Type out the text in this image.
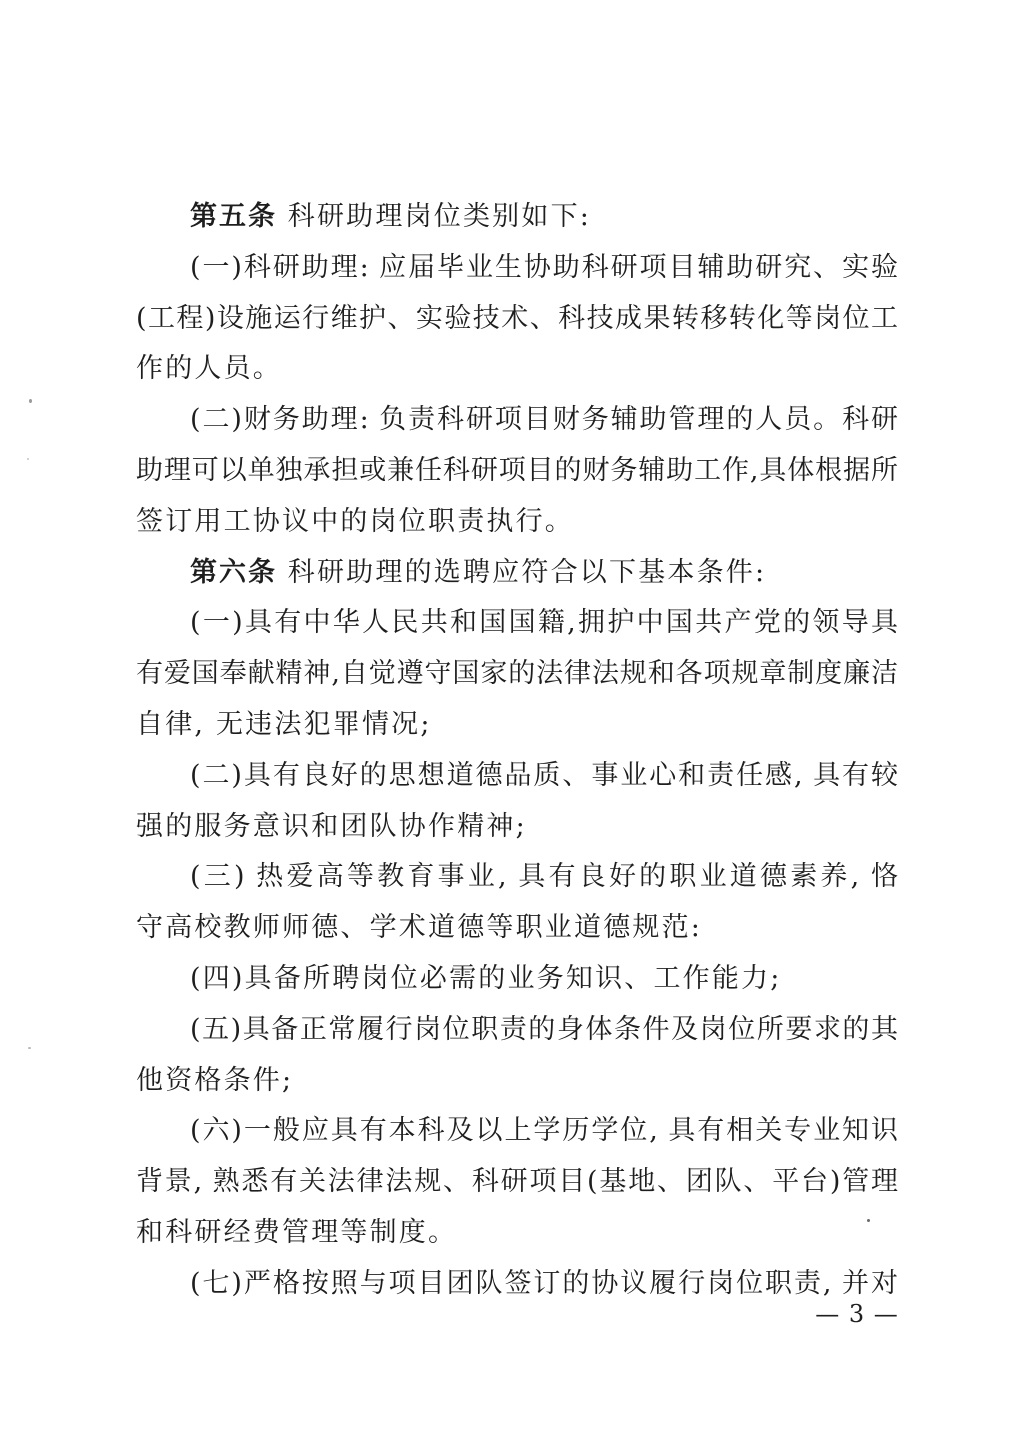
第五条 科研助理岗位类别如下:
(一)科研助理: 应届毕业生协助科研项目辅助研究、实验
(工程)设施运行维护、实验技术、科技成果转移转化等岗位工
作的人员。
(二)财务助理: 负责科研项目财务辅助管理的人员。科研
助理可以单独承担或兼任科研项目的财务辅助工作,具体根据所
签订用工协议中的岗位职责执行。
第六条 科研助理的选聘应符合以下基本条件:
(一)具有中华人民共和国国籍,拥护中国共产党的领导具
有爱国奉献精神,自觉遵守国家的法律法规和各项规章制度廉洁
自律, 无违法犯罪情况;
(二)具有良好的思想道德品质、事业心和责任感, 具有较
强的服务意识和团队协作精神;
(三) 热爱高等教育事业, 具有良好的职业道德素养, 恪
守高校教师师德、学术道德等职业道德规范:
(四)具备所聘岗位必需的业务知识、工作能力;
(五)具备正常履行岗位职责的身体条件及岗位所要求的其
他资格条件;
(六)一般应具有本科及以上学历学位, 具有相关专业知识
背景, 熟悉有关法律法规、科研项目(基地、团队、平台)管理
和科研经费管理等制度。
(七)严格按照与项目团队签订的协议履行岗位职责, 并对
— 3 —
